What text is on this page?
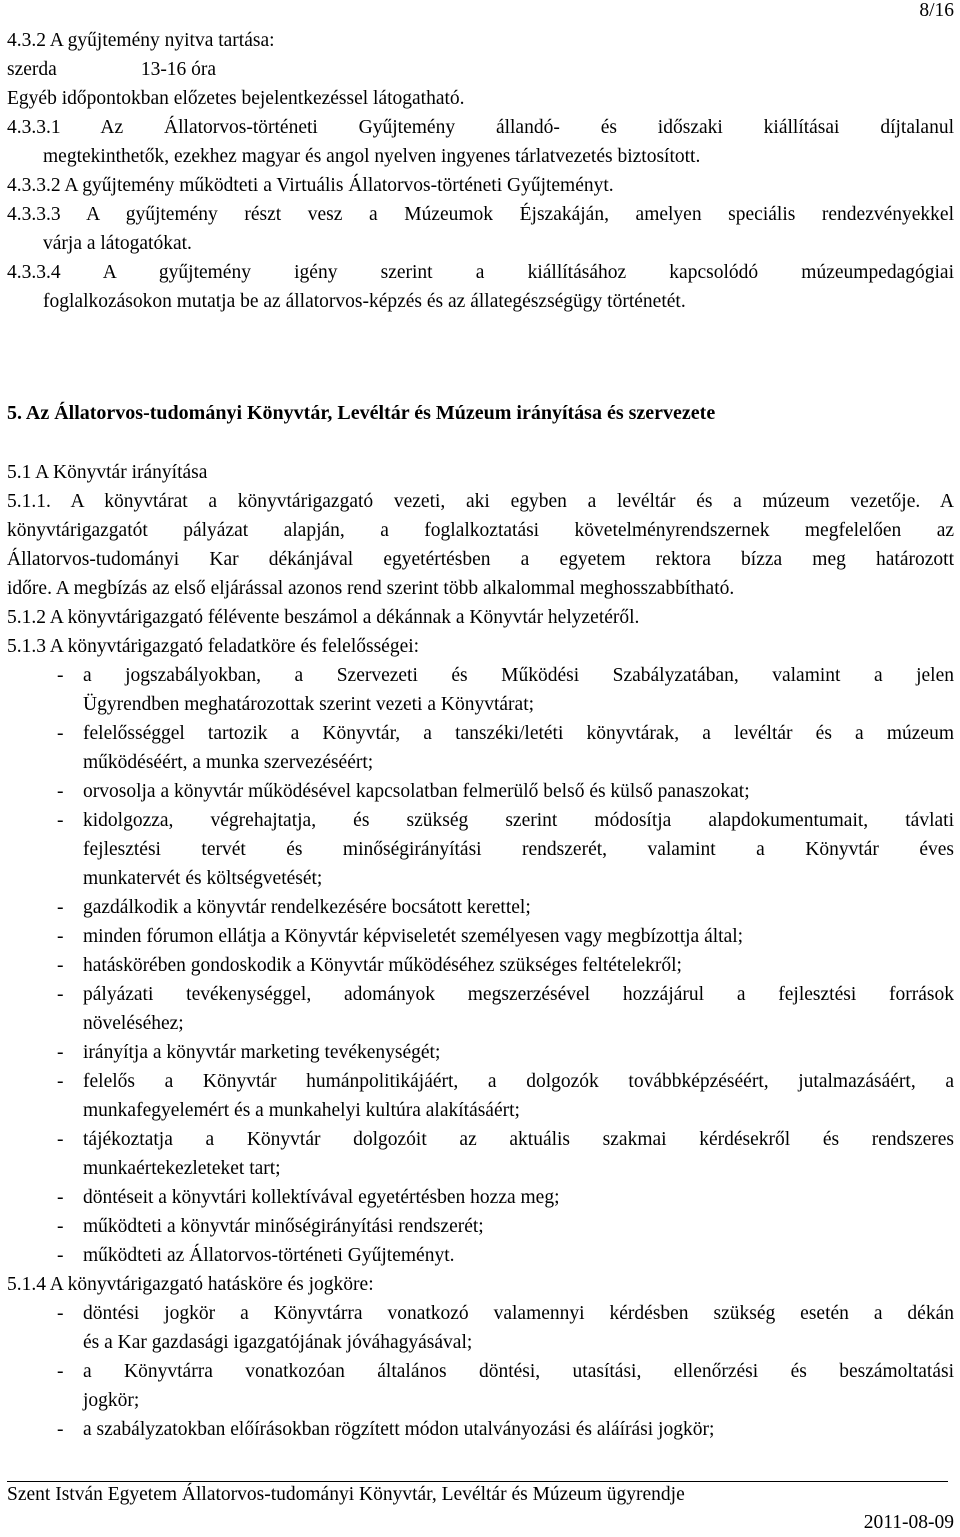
8/16

4.3.2 A gyűjtemény nyitva tartása:

szerda	13-16 óra

Egyéb időpontokban előzetes bejelentkezéssel látogatható.

4.3.3.1 Az Állatorvos-történeti Gyűjtemény állandó- és időszaki kiállításai díjtalanul

megtekinthetők, ezekhez magyar és angol nyelven ingyenes tárlatvezetés biztosított.

4.3.3.2 A gyűjtemény működteti a Virtuális Állatorvos-történeti Gyűjteményt.

4.3.3.3 A gyűjtemény részt vesz a Múzeumok Éjszakáján, amelyen speciális rendezvényekkel

várja a látogatókat.

4.3.3.4 A gyűjtemény igény szerint a kiállításához kapcsolódó múzeumpedagógiai

foglalkozásokon mutatja be az állatorvos-képzés és az állategészségügy történetét.

5. Az Állatorvos-tudományi Könyvtár, Levéltár és Múzeum irányítása és szervezete

5.1 A Könyvtár irányítása

5.1.1. A könyvtárat a könyvtárigazgató vezeti, aki egyben a levéltár és a múzeum vezetője. A

könyvtárigazgatót pályázat alapján, a foglalkoztatási követelményrendszernek megfelelően az

Állatorvos-tudományi Kar dékánjával egyetértésben a egyetem rektora bízza meg határozott

időre. A megbízás az első eljárással azonos rend szerint több alkalommal meghosszabbítható.

5.1.2 A könyvtárigazgató félévente beszámol a dékánnak a Könyvtár helyzetéről.

5.1.3 A könyvtárigazgató feladatköre és felelősségei:

-	a jogszabályokban, a Szervezeti és Működési Szabályzatában, valamint a jelen
Ügyrendben meghatározottak szerint vezeti a Könyvtárat;
-	felelősséggel tartozik a Könyvtár, a tanszéki/letéti könyvtárak, a levéltár és a múzeum
működéséért, a munka szervezéséért;
-	orvosolja a könyvtár működésével kapcsolatban felmerülő belső és külső panaszokat;
-	kidolgozza, végrehajtatja, és szükség szerint módosítja alapdokumentumait, távlati
fejlesztési tervét és minőségirányítási rendszerét, valamint a Könyvtár éves
munkatervét és költségvetését;
-	gazdálkodik a könyvtár rendelkezésére bocsátott kerettel;
-	minden fórumon ellátja a Könyvtár képviseletét személyesen vagy megbízottja által;
-	hatáskörében gondoskodik a Könyvtár működéséhez szükséges feltételekről;
-	pályázati tevékenységgel, adományok megszerzésével hozzájárul a fejlesztési források
növeléséhez;
-	irányítja a könyvtár marketing tevékenységét;
-	felelős a Könyvtár humánpolitikájáért, a dolgozók továbbképzéséért, jutalmazásáért, a
munkafegyelemért és a munkahelyi kultúra alakításáért;
-	tájékoztatja a Könyvtár dolgozóit az aktuális szakmai kérdésekről és rendszeres
munkaértekezleteket tart;
-	döntéseit a könyvtári kollektívával egyetértésben hozza meg;
-	működteti a könyvtár minőségirányítási rendszerét;
-	működteti az Állatorvos-történeti Gyűjteményt.

5.1.4 A könyvtárigazgató hatásköre és jogköre:

-	döntési jogkör a Könyvtárra vonatkozó valamennyi kérdésben szükség esetén a dékán
és a Kar gazdasági igazgatójának jóváhagyásával;
-	a Könyvtárra vonatkozóan általános döntési, utasítási, ellenőrzési és beszámoltatási
jogkör;
-	a szabályzatokban előírásokban rögzített módon utalványozási és aláírási jogkör;
Szent István Egyetem Állatorvos-tudományi Könyvtár, Levéltár és Múzeum ügyrendje
2011-08-09
